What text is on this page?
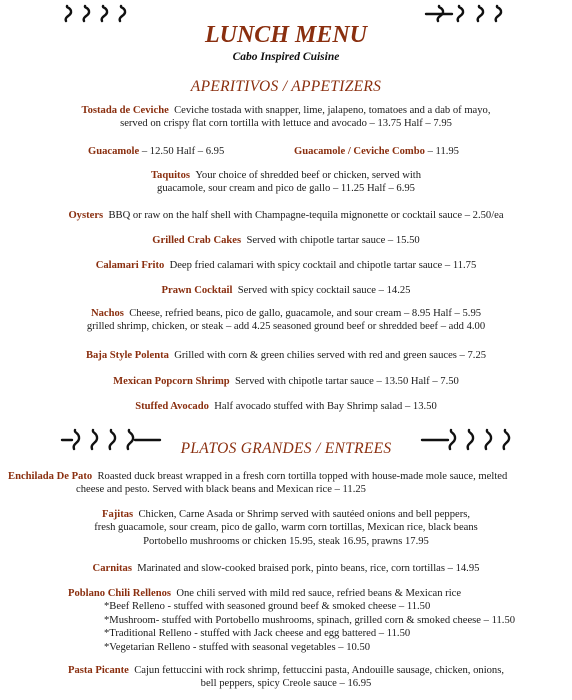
LUNCH MENU
Cabo Inspired Cuisine
APERITIVOS / APPETIZERS
Tostada de Ceviche Ceviche tostada with snapper, lime, jalapeno, tomatoes and a dab of mayo,
served on crispy flat corn tortilla with lettuce and avocado – 13.75 Half – 7.95
Guacamole – 12.50 Half – 6.95	Guacamole / Ceviche Combo – 11.95
Taquitos Your choice of shredded beef or chicken, served with
guacamole, sour cream and pico de gallo – 11.25 Half – 6.95
Oysters BBQ or raw on the half shell with Champagne-tequila mignonette or cocktail sauce – 2.50/ea
Grilled Crab Cakes Served with chipotle tartar sauce – 15.50
Calamari Frito Deep fried calamari with spicy cocktail and chipotle tartar sauce – 11.75
Prawn Cocktail Served with spicy cocktail sauce – 14.25
Nachos Cheese, refried beans, pico de gallo, guacamole, and sour cream – 8.95 Half – 5.95
grilled shrimp, chicken, or steak – add 4.25 seasoned ground beef or shredded beef – add 4.00
Baja Style Polenta Grilled with corn & green chilies served with red and green sauces – 7.25
Mexican Popcorn Shrimp Served with chipotle tartar sauce – 13.50 Half – 7.50
Stuffed Avocado Half avocado stuffed with Bay Shrimp salad – 13.50
PLATOS GRANDES / ENTREES
Enchilada De Pato Roasted duck breast wrapped in a fresh corn tortilla topped with house-made mole sauce, melted
cheese and pesto. Served with black beans and Mexican rice – 11.25
Fajitas Chicken, Carne Asada or Shrimp served with sautéed onions and bell peppers,
fresh guacamole, sour cream, pico de gallo, warm corn tortillas, Mexican rice, black beans
Portobello mushrooms or chicken 15.95, steak 16.95, prawns 17.95
Carnitas Marinated and slow-cooked braised pork, pinto beans, rice, corn tortillas – 14.95
Poblano Chili Rellenos One chili served with mild red sauce, refried beans & Mexican rice
*Beef Relleno - stuffed with seasoned ground beef & smoked cheese – 11.50
*Mushroom- stuffed with Portobello mushrooms, spinach, grilled corn & smoked cheese – 11.50
*Traditional Relleno - stuffed with Jack cheese and egg battered – 11.50
*Vegetarian Relleno - stuffed with seasonal vegetables – 10.50
Pasta Picante Cajun fettuccini with rock shrimp, fettuccini pasta, Andouille sausage, chicken, onions,
bell peppers, spicy Creole sauce – 16.95
